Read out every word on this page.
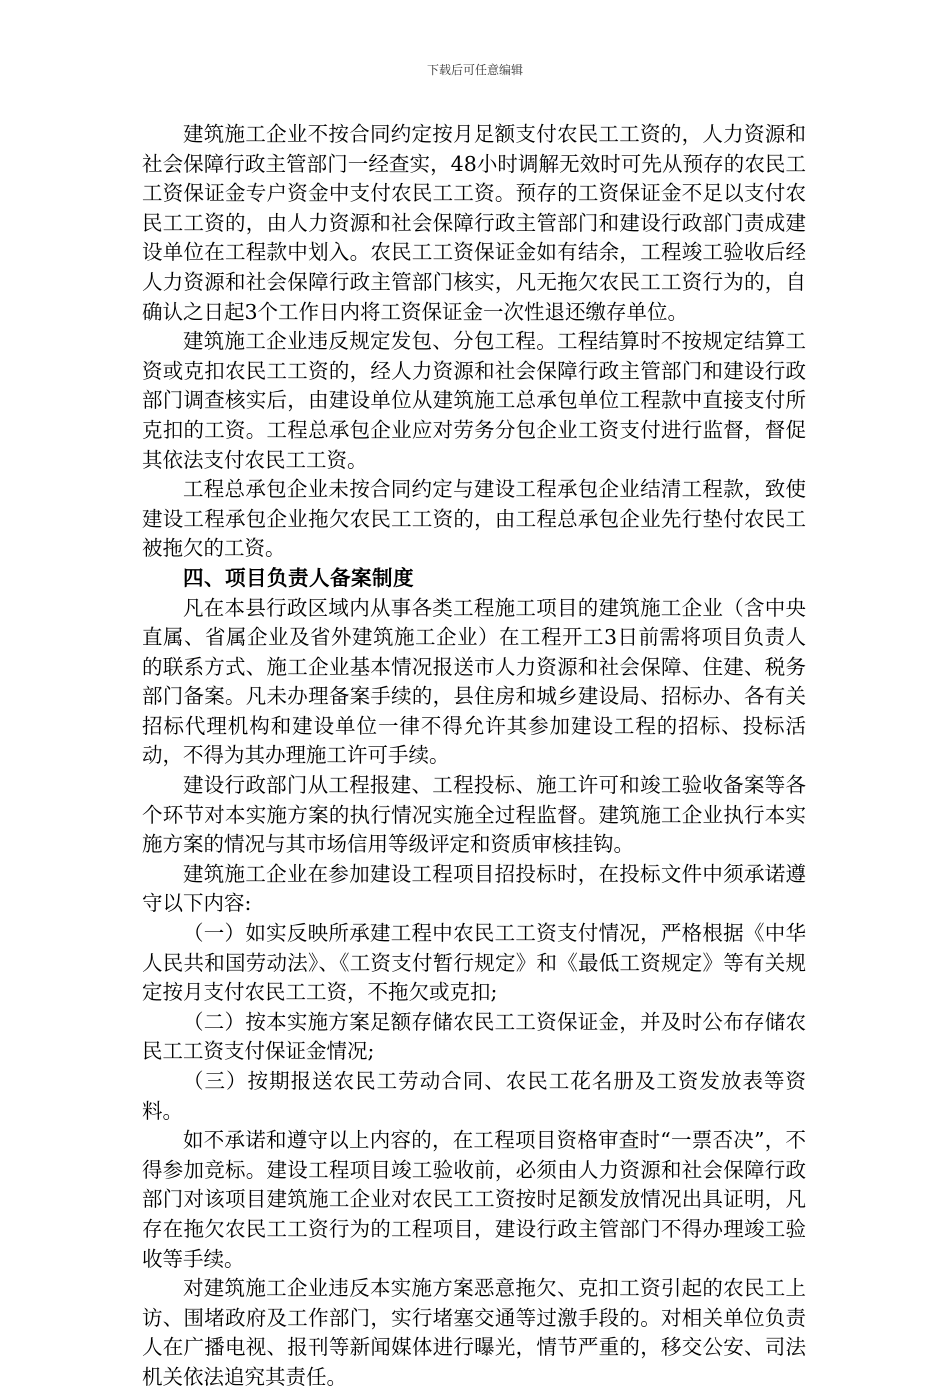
下载后可任意编辑

建筑施工企业不按合同约定按月足额支付农民工工资的，人力资源和社会保障行政主管部门一经查实，48小时调解无效时可先从预存的农民工工资保证金专户资金中支付农民工工资。预存的工资保证金不足以支付农民工工资的，由人力资源和社会保障行政主管部门和建设行政部门责成建设单位在工程款中划入。农民工工资保证金如有结余，工程竣工验收后经人力资源和社会保障行政主管部门核实，凡无拖欠农民工工资行为的，自确认之日起3个工作日内将工资保证金一次性退还缴存单位。

建筑施工企业违反规定发包、分包工程。工程结算时不按规定结算工资或克扣农民工工资的，经人力资源和社会保障行政主管部门和建设行政部门调查核实后，由建设单位从建筑施工总承包单位工程款中直接支付所克扣的工资。工程总承包企业应对劳务分包企业工资支付进行监督，督促其依法支付农民工工资。

工程总承包企业未按合同约定与建设工程承包企业结清工程款，致使建设工程承包企业拖欠农民工工资的，由工程总承包企业先行垫付农民工被拖欠的工资。

四、项目负责人备案制度

凡在本县行政区域内从事各类工程施工项目的建筑施工企业（含中央直属、省属企业及省外建筑施工企业）在工程开工3日前需将项目负责人的联系方式、施工企业基本情况报送市人力资源和社会保障、住建、税务部门备案。凡未办理备案手续的，县住房和城乡建设局、招标办、各有关招标代理机构和建设单位一律不得允许其参加建设工程的招标、投标活动，不得为其办理施工许可手续。

建设行政部门从工程报建、工程投标、施工许可和竣工验收备案等各个环节对本实施方案的执行情况实施全过程监督。建筑施工企业执行本实施方案的情况与其市场信用等级评定和资质审核挂钩。

建筑施工企业在参加建设工程项目招投标时，在投标文件中须承诺遵守以下内容:

（一）如实反映所承建工程中农民工工资支付情况，严格根据《中华人民共和国劳动法》、《工资支付暂行规定》和《最低工资规定》等有关规定按月支付农民工工资，不拖欠或克扣;

（二）按本实施方案足额存储农民工工资保证金，并及时公布存储农民工工资支付保证金情况;

（三）按期报送农民工劳动合同、农民工花名册及工资发放表等资料。

如不承诺和遵守以上内容的，在工程项目资格审查时“一票否决”，不得参加竞标。建设工程项目竣工验收前，必须由人力资源和社会保障行政部门对该项目建筑施工企业对农民工工资按时足额发放情况出具证明，凡存在拖欠农民工工资行为的工程项目，建设行政主管部门不得办理竣工验收等手续。

对建筑施工企业违反本实施方案恶意拖欠、克扣工资引起的农民工上访、围堵政府及工作部门，实行堵塞交通等过激手段的。对相关单位负责人在广播电视、报刊等新闻媒体进行曝光，情节严重的，移交公安、司法机关依法追究其责任。
